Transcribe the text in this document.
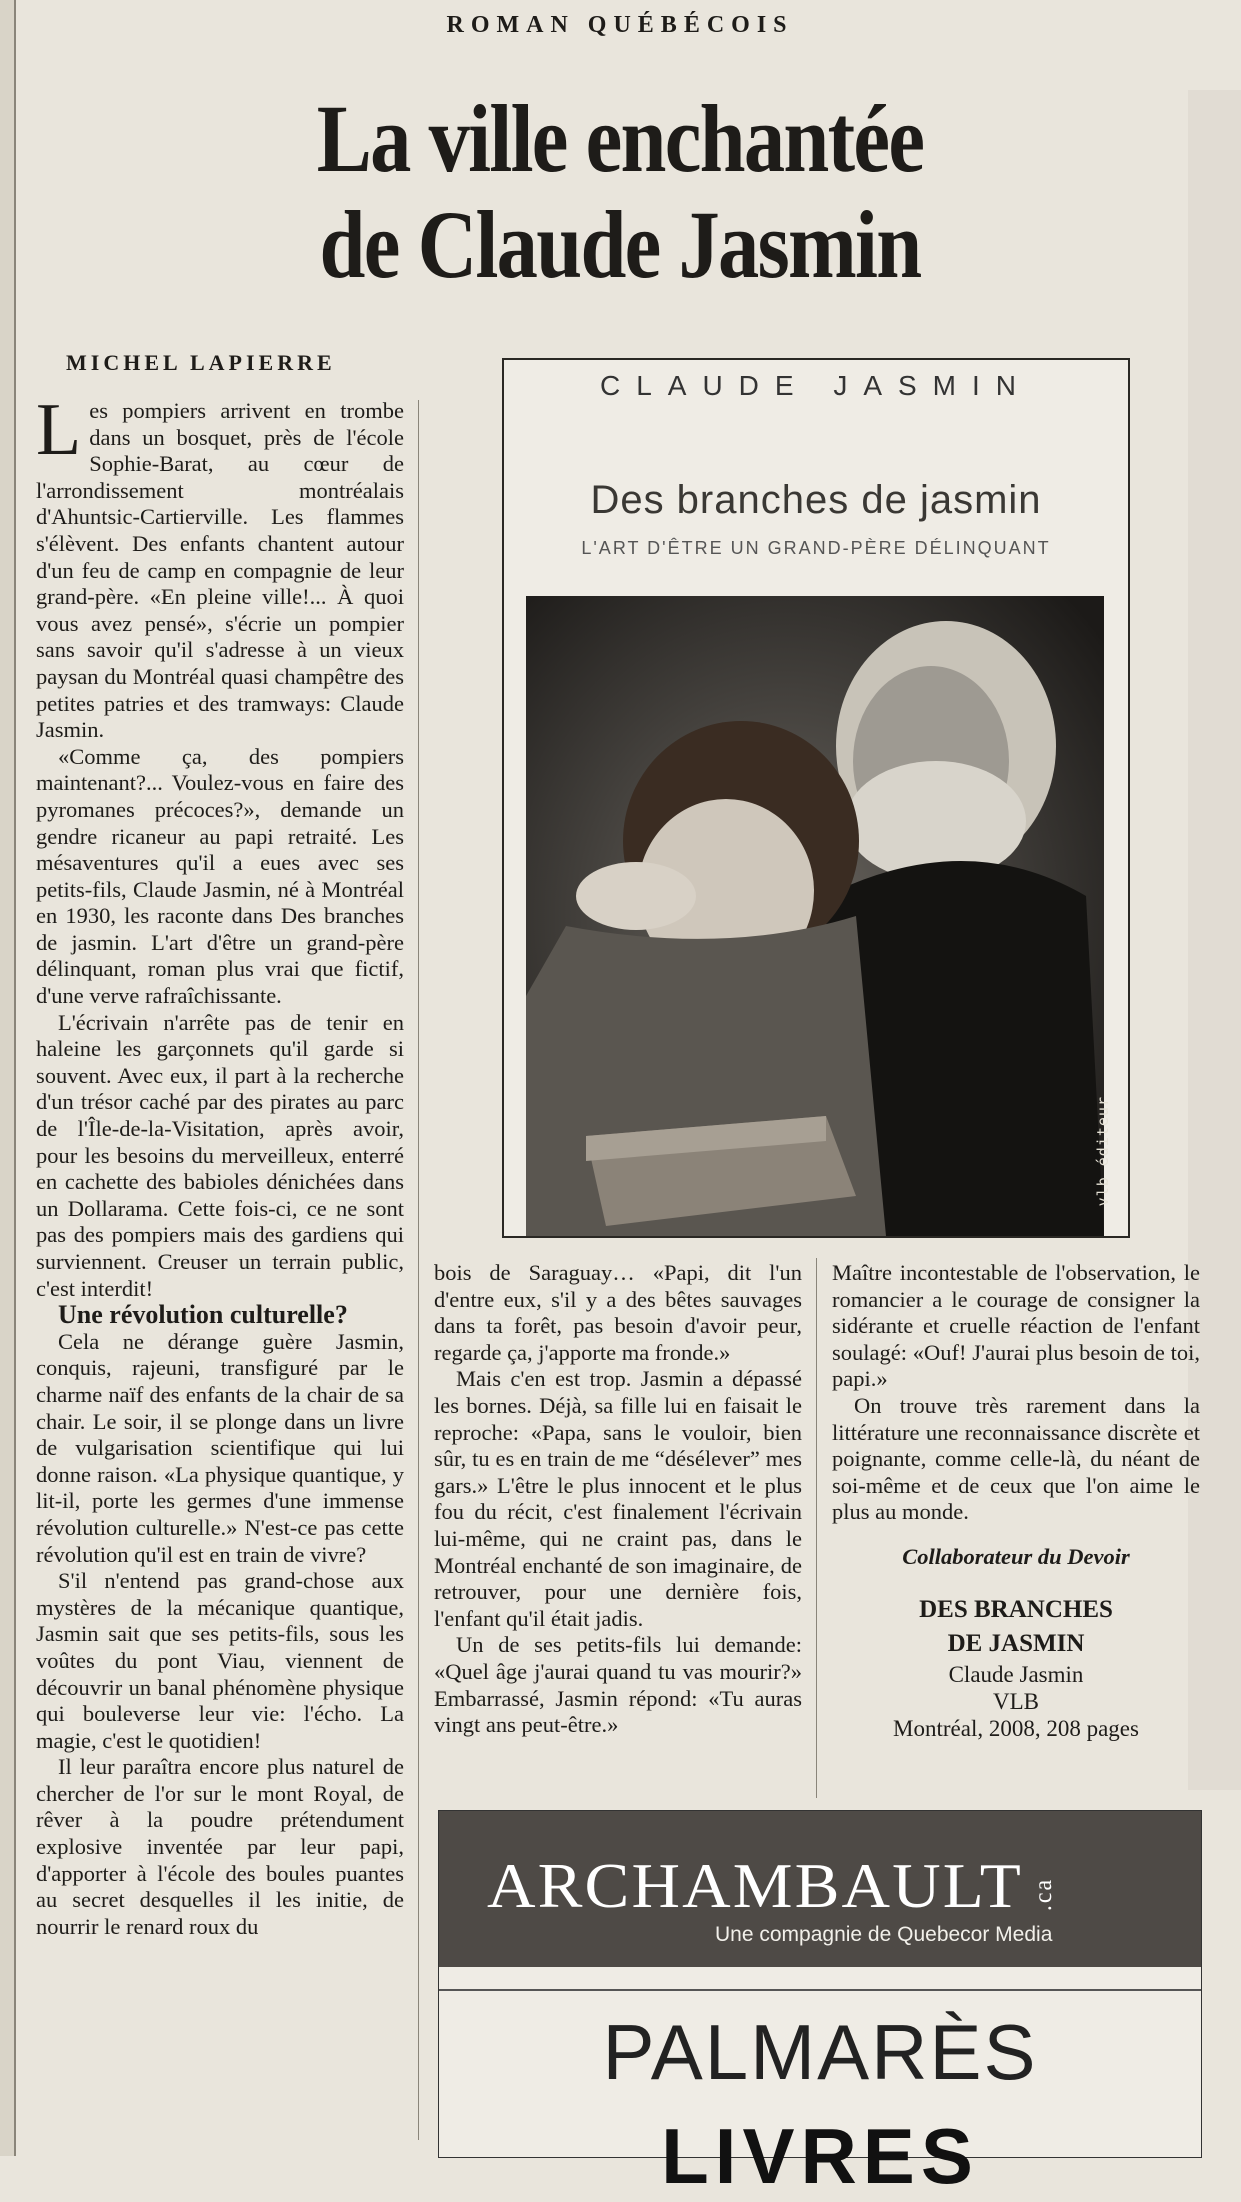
ROMAN QUÉBÉCOIS
La ville enchantée
de Claude Jasmin
MICHEL LAPIERRE

Les pompiers arrivent en trombe dans un bosquet, près de l'école Sophie-Barat, au cœur de l'arrondissement montréalais d'Ahuntsic-Cartierville. Les flammes s'élèvent. Des enfants chantent autour d'un feu de camp en compagnie de leur grand-père. «En pleine ville!... À quoi vous avez pensé», s'écrie un pompier sans savoir qu'il s'adresse à un vieux paysan du Montréal quasi champêtre des petites patries et des tramways: Claude Jasmin.

«Comme ça, des pompiers maintenant?... Voulez-vous en faire des pyromanes précoces?», demande un gendre ricaneur au papi retraité. Les mésaventures qu'il a eues avec ses petits-fils, Claude Jasmin, né à Montréal en 1930, les raconte dans Des branches de jasmin. L'art d'être un grand-père délinquant, roman plus vrai que fictif, d'une verve rafraîchissante.

L'écrivain n'arrête pas de tenir en haleine les garçonnets qu'il garde si souvent. Avec eux, il part à la recherche d'un trésor caché par des pirates au parc de l'Île-de-la-Visitation, après avoir, pour les besoins du merveilleux, enterré en cachette des babioles dénichées dans un Dollarama. Cette fois-ci, ce ne sont pas des pompiers mais des gardiens qui surviennent. Creuser un terrain public, c'est interdit!

Une révolution culturelle?

Cela ne dérange guère Jasmin, conquis, rajeuni, transfiguré par le charme naïf des enfants de la chair de sa chair. Le soir, il se plonge dans un livre de vulgarisation scientifique qui lui donne raison. «La physique quantique, y lit-il, porte les germes d'une immense révolution culturelle.» N'est-ce pas cette révolution qu'il est en train de vivre?

S'il n'entend pas grand-chose aux mystères de la mécanique quantique, Jasmin sait que ses petits-fils, sous les voûtes du pont Viau, viennent de découvrir un banal phénomène physique qui bouleverse leur vie: l'écho. La magie, c'est le quotidien!

Il leur paraîtra encore plus naturel de chercher de l'or sur le mont Royal, de rêver à la poudre prétendument explosive inventée par leur papi, d'apporter à l'école des boules puantes au secret desquelles il les initie, de nourrir le renard roux du

CLAUDE JASMIN
Des branches de jasmin
L'ART D'ÊTRE UN GRAND-PÈRE DÉLINQUANT
vlb éditeur

bois de Saraguay… «Papi, dit l'un d'entre eux, s'il y a des bêtes sauvages dans ta forêt, pas besoin d'avoir peur, regarde ça, j'apporte ma fronde.»

Mais c'en est trop. Jasmin a dépassé les bornes. Déjà, sa fille lui en faisait le reproche: «Papa, sans le vouloir, bien sûr, tu es en train de me “désélever” mes gars.» L'être le plus innocent et le plus fou du récit, c'est finalement l'écrivain lui-même, qui ne craint pas, dans le Montréal enchanté de son imaginaire, de retrouver, pour une dernière fois, l'enfant qu'il était jadis.

Un de ses petits-fils lui demande: «Quel âge j'aurai quand tu vas mourir?» Embarrassé, Jasmin répond: «Tu auras vingt ans peut-être.»

Maître incontestable de l'observation, le romancier a le courage de consigner la sidérante et cruelle réaction de l'enfant soulagé: «Ouf! J'aurai plus besoin de toi, papi.»

On trouve très rarement dans la littérature une reconnaissance discrète et poignante, comme celle-là, du néant de soi-même et de ceux que l'on aime le plus au monde.

Collaborateur du Devoir

DES BRANCHES
DE JASMIN
Claude Jasmin
VLB
Montréal, 2008, 208 pages
ARCHAMBAULT .ca
Une compagnie de Quebecor Media
PALMARÈS
LIVRES
